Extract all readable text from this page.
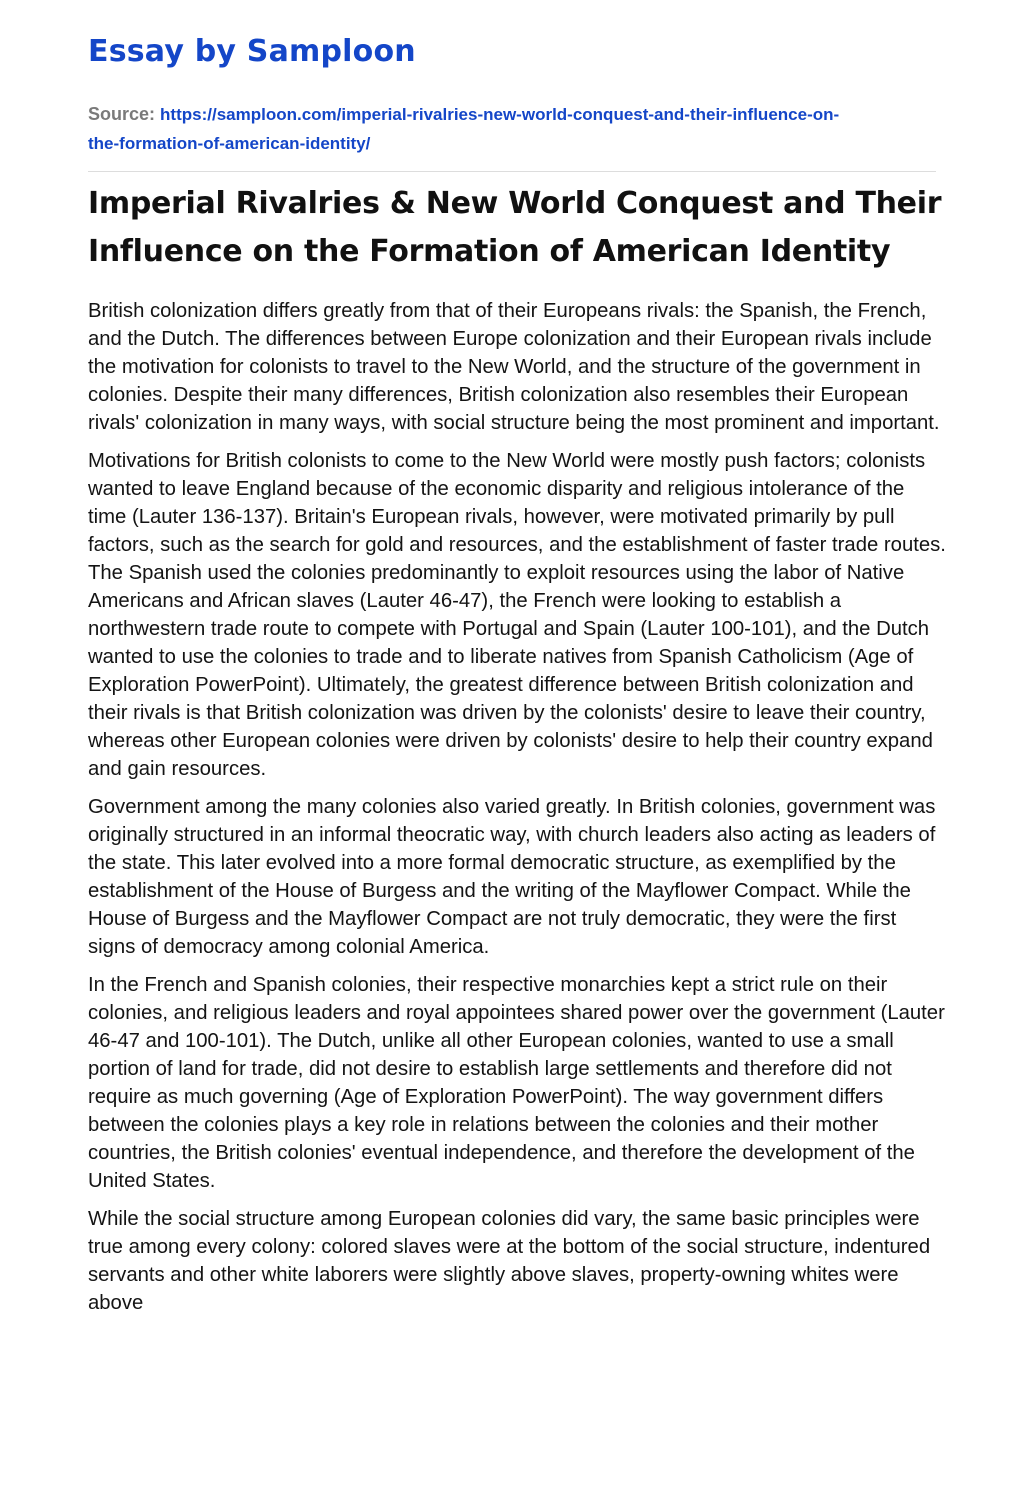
Essay by Samploon
Source: https://samploon.com/imperial-rivalries-new-world-conquest-and-their-influence-on-
the-formation-of-american-identity/
Imperial Rivalries & New World Conquest and Their Influence on the Formation of American Identity

British colonization differs greatly from that of their Europeans rivals: the Spanish, the French, and the Dutch. The differences between Europe colonization and their European rivals include the motivation for colonists to travel to the New World, and the structure of the government in colonies. Despite their many differences, British colonization also resembles their European rivals' colonization in many ways, with social structure being the most prominent and important.

Motivations for British colonists to come to the New World were mostly push factors; colonists wanted to leave England because of the economic disparity and religious intolerance of the time (Lauter 136-137). Britain's European rivals, however, were motivated primarily by pull factors, such as the search for gold and resources, and the establishment of faster trade routes. The Spanish used the colonies predominantly to exploit resources using the labor of Native Americans and African slaves (Lauter 46-47), the French were looking to establish a northwestern trade route to compete with Portugal and Spain (Lauter 100-101), and the Dutch wanted to use the colonies to trade and to liberate natives from Spanish Catholicism (Age of Exploration PowerPoint). Ultimately, the greatest difference between British colonization and their rivals is that British colonization was driven by the colonists' desire to leave their country, whereas other European colonies were driven by colonists' desire to help their country expand and gain resources.

Government among the many colonies also varied greatly. In British colonies, government was originally structured in an informal theocratic way, with church leaders also acting as leaders of the state. This later evolved into a more formal democratic structure, as exemplified by the establishment of the House of Burgess and the writing of the Mayflower Compact. While the House of Burgess and the Mayflower Compact are not truly democratic, they were the first signs of democracy among colonial America.

In the French and Spanish colonies, their respective monarchies kept a strict rule on their colonies, and religious leaders and royal appointees shared power over the government (Lauter 46-47 and 100-101). The Dutch, unlike all other European colonies, wanted to use a small portion of land for trade, did not desire to establish large settlements and therefore did not require as much governing (Age of Exploration PowerPoint). The way government differs between the colonies plays a key role in relations between the colonies and their mother countries, the British colonies' eventual independence, and therefore the development of the United States.

While the social structure among European colonies did vary, the same basic principles were true among every colony: colored slaves were at the bottom of the social structure, indentured servants and other white laborers were slightly above slaves, property-owning whites were above
